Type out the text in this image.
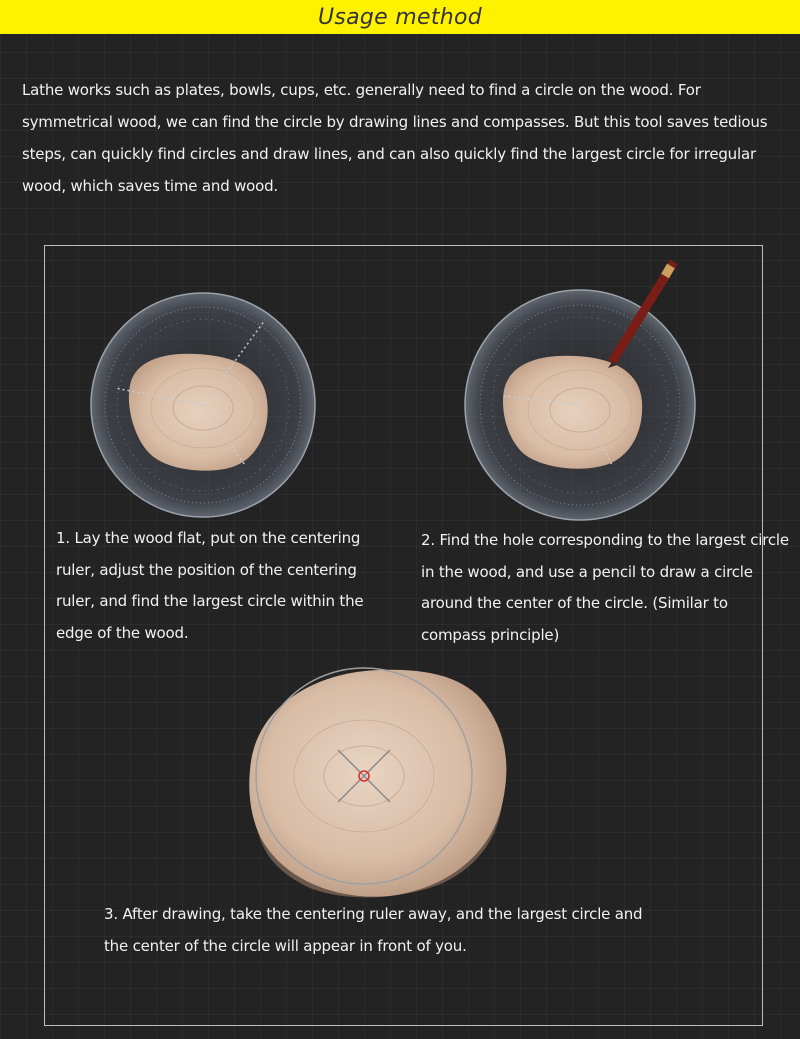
Usage method

Lathe works such as plates, bowls, cups, etc. generally need to find a circle on the wood. For symmetrical wood, we can find the circle by drawing lines and compasses. But this tool saves tedious steps, can quickly find circles and draw lines, and can also quickly find the largest circle for irregular wood, which saves time and wood.

1. Lay the wood flat, put on the centering ruler, adjust the position of the centering ruler, and find the largest circle within the edge of the wood.

2. Find the hole corresponding to the largest circle in the wood, and use a pencil to draw a circle around the center of the circle. (Similar to compass principle)

3. After drawing, take the centering ruler away, and the largest circle and the center of the circle will appear in front of you.
